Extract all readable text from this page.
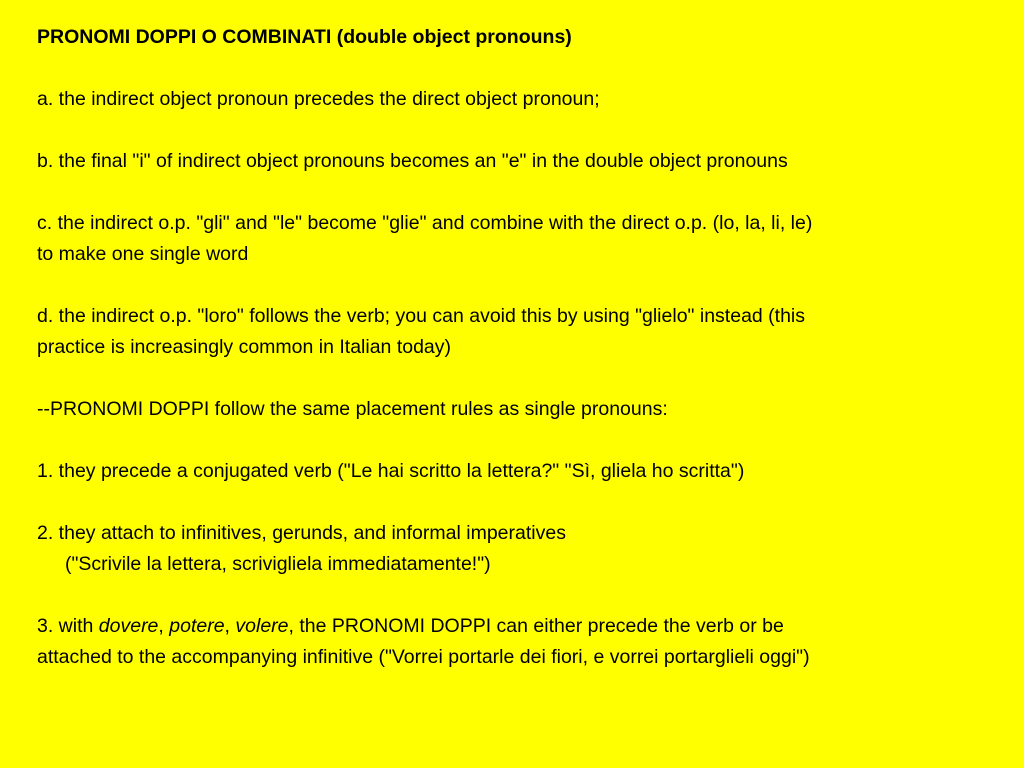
PRONOMI DOPPI O COMBINATI (double object pronouns)
a. the indirect object pronoun precedes the direct object pronoun;
b. the final "i" of indirect object pronouns becomes an "e" in the double object pronouns
c. the indirect o.p. "gli" and "le" become "glie" and combine with the direct o.p. (lo, la, li, le)
to make one single word
d. the indirect o.p. "loro" follows the verb; you can avoid this by using "glielo" instead (this
practice is increasingly common in Italian today)
--PRONOMI DOPPI follow the same placement rules as single pronouns:
1. they precede a conjugated verb ("Le hai scritto la lettera?" "Sì, gliela ho scritta")
2. they attach to infinitives, gerunds, and informal imperatives
("Scrivile la lettera, scrivigliela immediatamente!")
3. with dovere, potere, volere, the PRONOMI DOPPI can either precede the verb or be
attached to the accompanying infinitive ("Vorrei portarle dei fiori, e vorrei portarglieli oggi")
